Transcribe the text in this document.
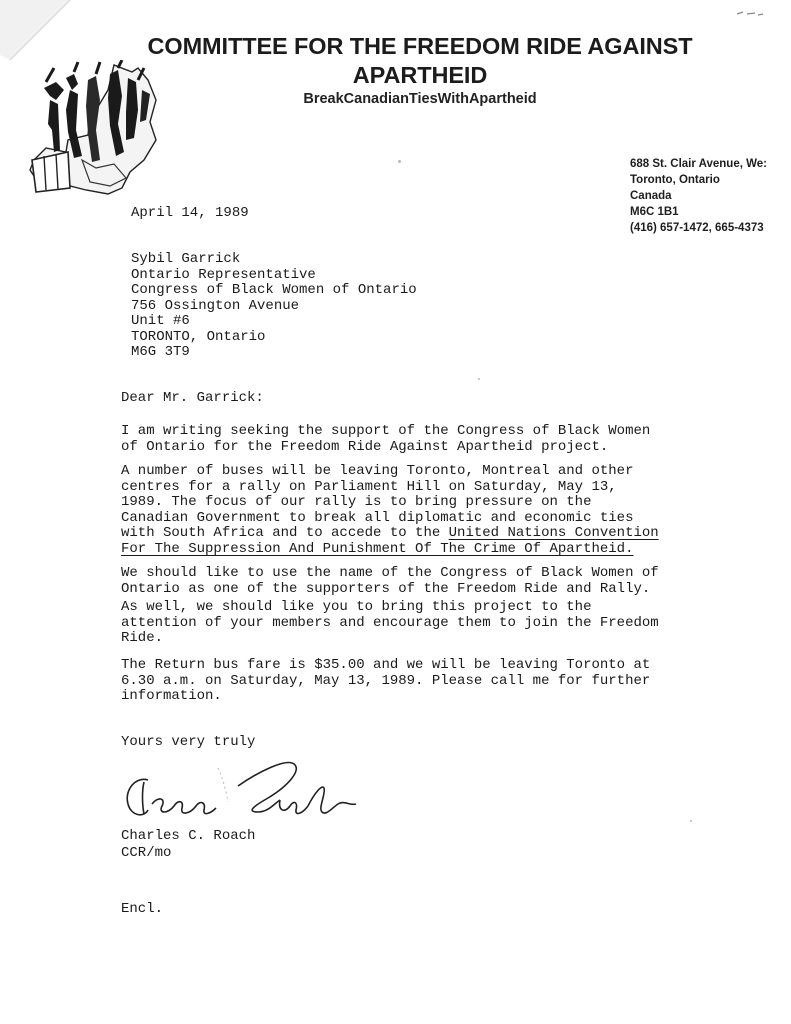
COMMITTEE FOR THE FREEDOM RIDE AGAINST
APARTHEID
BreakCanadianTiesWithApartheid
688 St. Clair Avenue, We:
Toronto, Ontario
Canada
M6C 1B1
(416) 657-1472, 665-4373
April 14, 1989
Sybil Garrick
Ontario Representative
Congress of Black Women of Ontario
756 Ossington Avenue
Unit #6
TORONTO, Ontario
M6G 3T9
Dear Mr. Garrick:
I am writing seeking the support of the Congress of Black Women
of Ontario for the Freedom Ride Against Apartheid project.
A number of buses will be leaving Toronto, Montreal and other
centres for a rally on Parliament Hill on Saturday, May 13,
1989. The focus of our rally is to bring pressure on the
Canadian Government to break all diplomatic and economic ties
with South Africa and to accede to the United Nations Convention
For The Suppression And Punishment Of The Crime Of Apartheid.
We should like to use the name of the Congress of Black Women of
Ontario as one of the supporters of the Freedom Ride and Rally.
As well, we should like you to bring this project to the
attention of your members and encourage them to join the Freedom
Ride.
The Return bus fare is $35.00 and we will be leaving Toronto at
6.30 a.m. on Saturday, May 13, 1989. Please call me for further
information.
Yours very truly
Charles C. Roach
CCR/mo
Encl.
